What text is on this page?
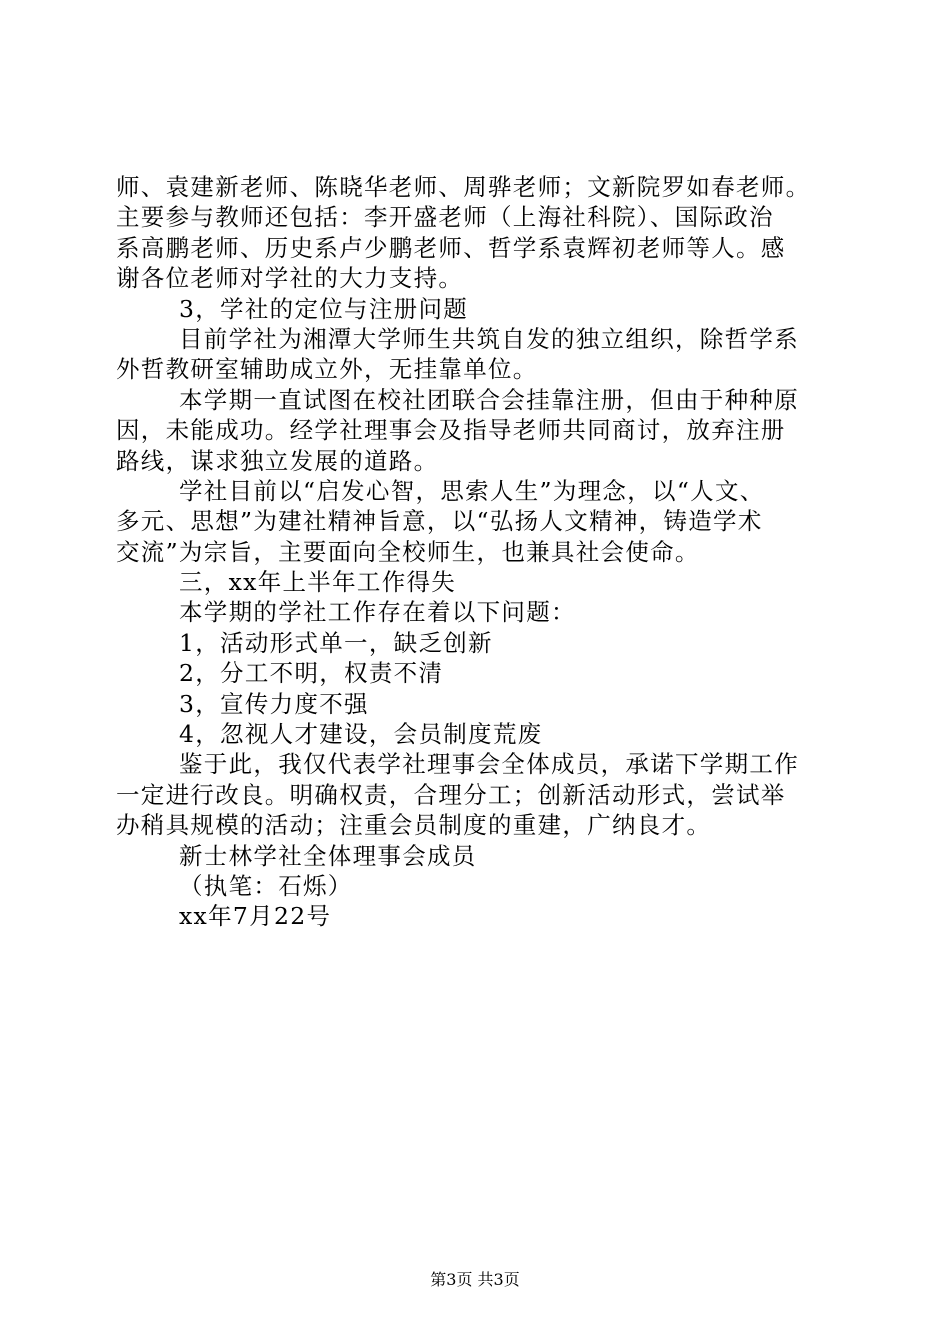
师、袁建新老师、陈晓华老师、周骅老师；文新院罗如春老师。
主要参与教师还包括：李开盛老师（上海社科院）、国际政治
系高鹏老师、历史系卢少鹏老师、哲学系袁辉初老师等人。感
谢各位老师对学社的大力支持。
3，学社的定位与注册问题
目前学社为湘潭大学师生共筑自发的独立组织，除哲学系
外哲教研室辅助成立外，无挂靠单位。
本学期一直试图在校社团联合会挂靠注册，但由于种种原
因，未能成功。经学社理事会及指导老师共同商讨，放弃注册
路线，谋求独立发展的道路。
学社目前以“启发心智，思索人生”为理念，以“人文、
多元、思想”为建社精神旨意，以“弘扬人文精神，铸造学术
交流”为宗旨，主要面向全校师生，也兼具社会使命。
三，xx年上半年工作得失
本学期的学社工作存在着以下问题：
1，活动形式单一，缺乏创新
2，分工不明，权责不清
3，宣传力度不强
4，忽视人才建设，会员制度荒废
鉴于此，我仅代表学社理事会全体成员，承诺下学期工作
一定进行改良。明确权责，合理分工；创新活动形式，尝试举
办稍具规模的活动；注重会员制度的重建，广纳良才。
新士林学社全体理事会成员
（执笔：石烁）
xx年7月22号
第3页 共3页
